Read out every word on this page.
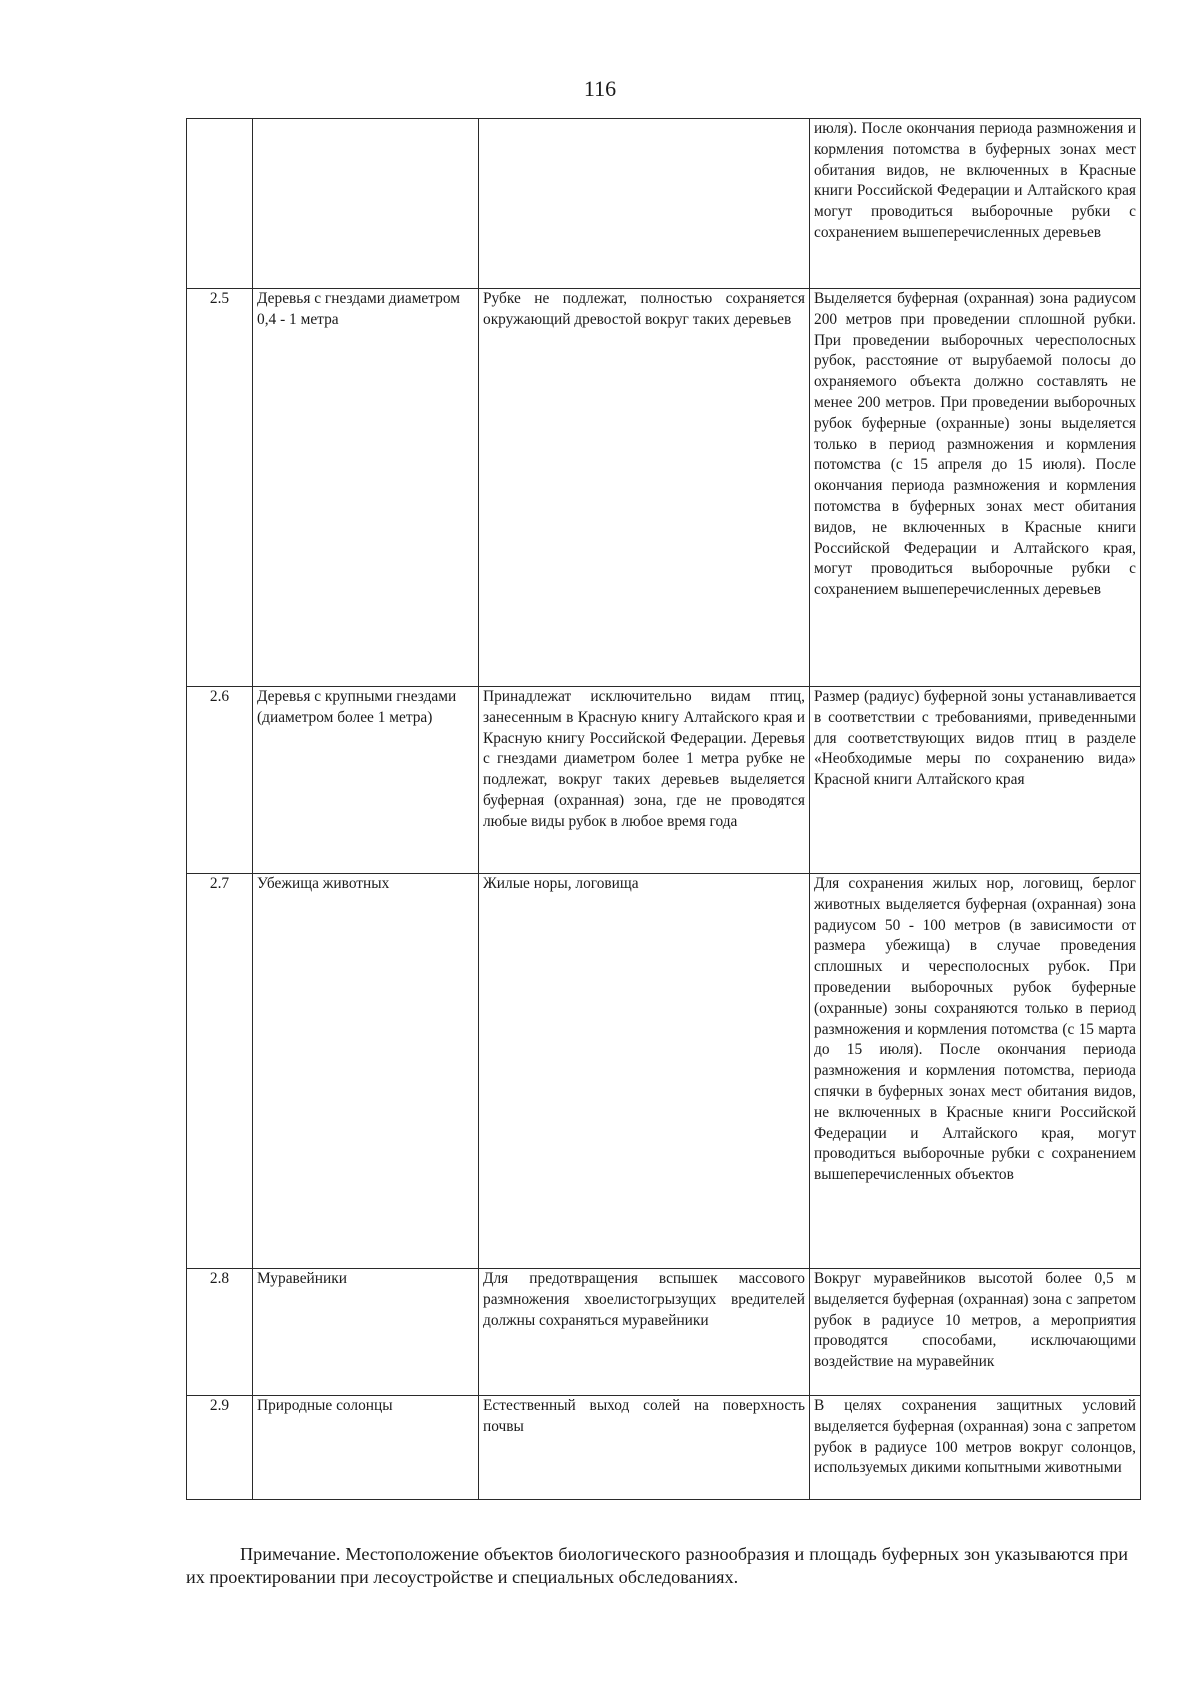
116
			июля). После окончания периода размножения и кормления потомства в буферных зонах мест обитания видов, не включенных в Красные книги Российской Федерации и Алтайского края могут проводиться выборочные рубки с сохранением вышеперечисленных деревьев
2.5	Деревья с гнездами диаметром 0,4 - 1 метра	Рубке не подлежат, полностью сохраняется окружающий древостой вокруг таких деревьев	Выделяется буферная (охранная) зона радиусом 200 метров при проведении сплошной рубки. При проведении выборочных чересполосных рубок, расстояние от вырубаемой полосы до охраняемого объекта должно составлять не менее 200 метров. При проведении выборочных рубок буферные (охранные) зоны выделяется только в период размножения и кормления потомства (с 15 апреля до 15 июля). После окончания периода размножения и кормления потомства в буферных зонах мест обитания видов, не включенных в Красные книги Российской Федерации и Алтайского края, могут проводиться выборочные рубки с сохранением вышеперечисленных деревьев
2.6	Деревья с крупными гнездами (диаметром более 1 метра)	Принадлежат исключительно видам птиц, занесенным в Красную книгу Алтайского края и Красную книгу Российской Федерации. Деревья с гнездами диаметром более 1 метра рубке не подлежат, вокруг таких деревьев выделяется буферная (охранная) зона, где не проводятся любые виды рубок в любое время года	Размер (радиус) буферной зоны устанавливается в соответствии с требованиями, приведенными для соответствующих видов птиц в разделе «Необходимые меры по сохранению вида» Красной книги Алтайского края
2.7	Убежища животных	Жилые норы, логовища	Для сохранения жилых нор, логовищ, берлог животных выделяется буферная (охранная) зона радиусом 50 - 100 метров (в зависимости от размера убежища) в случае проведения сплошных и чересполосных рубок. При проведении выборочных рубок буферные (охранные) зоны сохраняются только в период размножения и кормления потомства (с 15 марта до 15 июля). После окончания периода размножения и кормления потомства, периода спячки в буферных зонах мест обитания видов, не включенных в Красные книги Российской Федерации и Алтайского края, могут проводиться выборочные рубки с сохранением вышеперечисленных объектов
2.8	Муравейники	Для предотвращения вспышек массового размножения хвоелистогрызущих вредителей должны сохраняться муравейники	Вокруг муравейников высотой более 0,5 м выделяется буферная (охранная) зона с запретом рубок в радиусе 10 метров, а мероприятия проводятся способами, исключающими воздействие на муравейник
2.9	Природные солонцы	Естественный выход солей на поверхность почвы	В целях сохранения защитных условий выделяется буферная (охранная) зона с запретом рубок в радиусе 100 метров вокруг солонцов, используемых дикими копытными животными

Примечание. Местоположение объектов биологического разнообразия и площадь буферных зон указываются при их проектировании при лесоустройстве и специальных обследованиях.
